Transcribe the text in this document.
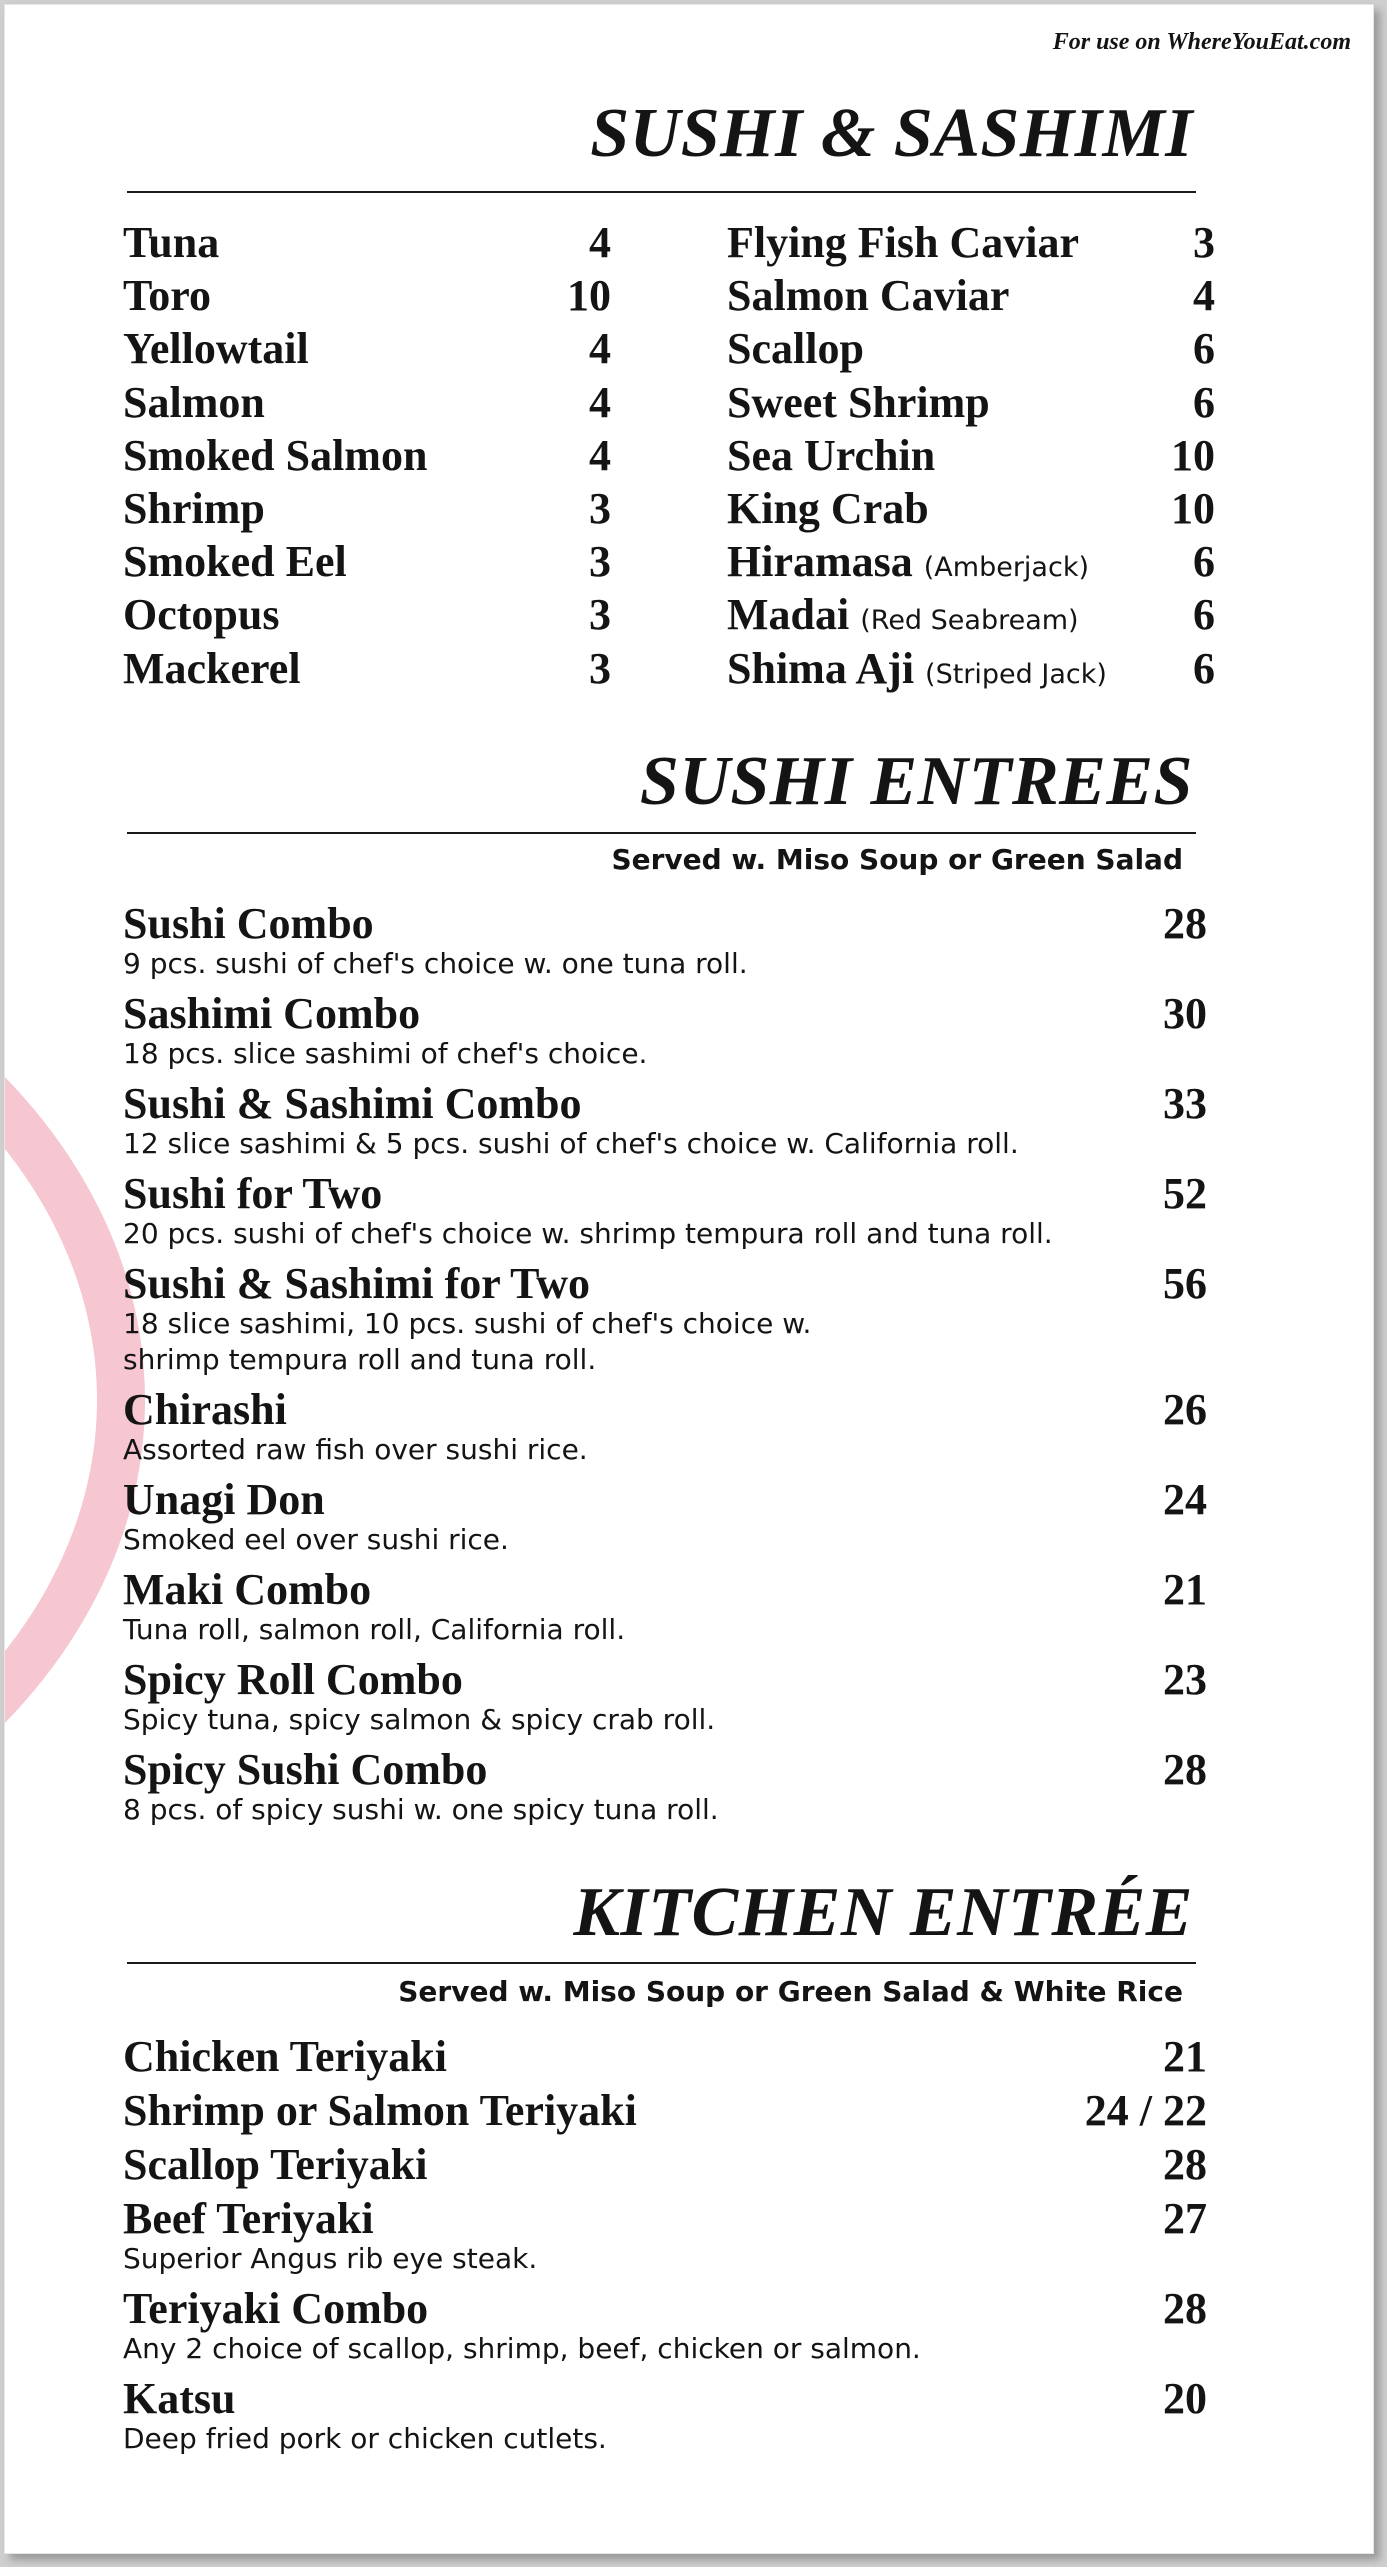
For use on WhereYouEat.com
SUSHI & SASHIMI
Tuna	4
Toro	10
Yellowtail	4
Salmon	4
Smoked Salmon	4
Shrimp	3
Smoked Eel	3
Octopus	3
Mackerel	3
Flying Fish Caviar	3
Salmon Caviar	4
Scallop	6
Sweet Shrimp	6
Sea Urchin	10
King Crab	10
Hiramasa (Amberjack) 6
Madai (Red Seabream)	6
Shima Aji (Striped Jack) 6
SUSHI ENTREES
Served w. Miso Soup or Green Salad
Sushi Combo	28
9 pcs. sushi of chef's choice w. one tuna roll.
Sashimi Combo	30
18 pcs. slice sashimi of chef's choice.
Sushi & Sashimi Combo	33
12 slice sashimi & 5 pcs. sushi of chef's choice w. California roll.
Sushi for Two	52
20 pcs. sushi of chef's choice w. shrimp tempura roll and tuna roll.
Sushi & Sashimi for Two	56
18 slice sashimi, 10 pcs. sushi of chef's choice w.
shrimp tempura roll and tuna roll.
Chirashi	26
Assorted raw fish over sushi rice.
Unagi Don	24
Smoked eel over sushi rice.
Maki Combo	21
Tuna roll, salmon roll, California roll.
Spicy Roll Combo	23
Spicy tuna, spicy salmon & spicy crab roll.
Spicy Sushi Combo	28
8 pcs. of spicy sushi w. one spicy tuna roll.
KITCHEN ENTRÉE
Served w. Miso Soup or Green Salad & White Rice
Chicken Teriyaki	21
Shrimp or Salmon Teriyaki	24 / 22
Scallop Teriyaki	28
Beef Teriyaki	27
Superior Angus rib eye steak.
Teriyaki Combo	28
Any 2 choice of scallop, shrimp, beef, chicken or salmon.
Katsu	20
Deep fried pork or chicken cutlets.
